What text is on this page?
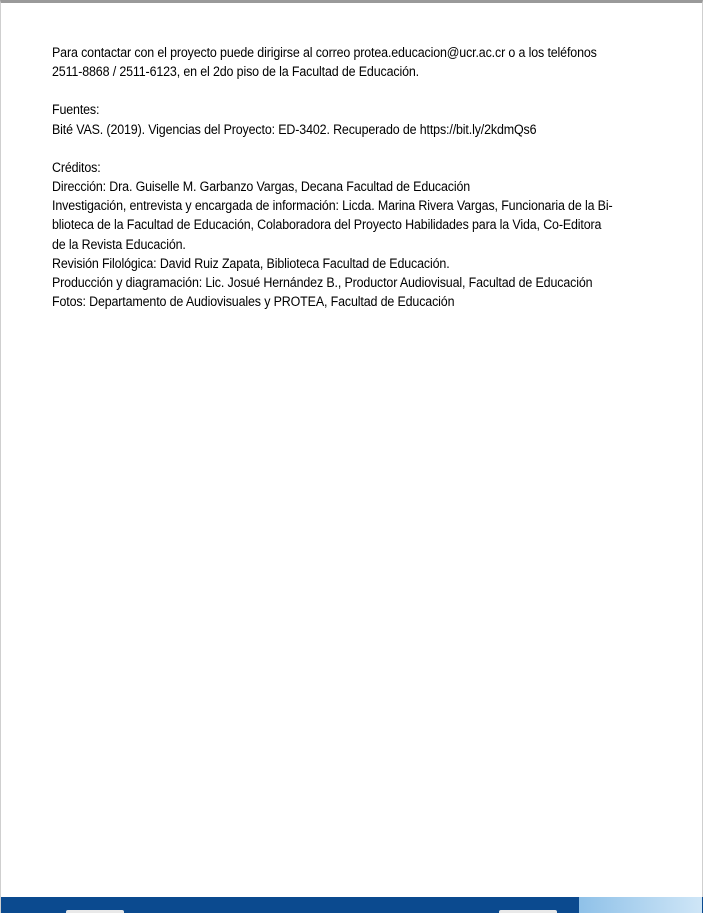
Para contactar con el proyecto puede dirigirse al correo protea.educacion@ucr.ac.cr o a los teléfonos
2511-8868 / 2511-6123, en el 2do piso de la Facultad de Educación.

Fuentes:
Bité VAS. (2019). Vigencias del Proyecto: ED-3402. Recuperado de https://bit.ly/2kdmQs6

Créditos:
Dirección: Dra. Guiselle M. Garbanzo Vargas, Decana Facultad de Educación
Investigación, entrevista y encargada de información: Licda. Marina Rivera Vargas, Funcionaria de la Bi-
blioteca de la Facultad de Educación, Colaboradora del Proyecto Habilidades para la Vida, Co-Editora
de la Revista Educación.
Revisión Filológica: David Ruiz Zapata, Biblioteca Facultad de Educación.
Producción y diagramación: Lic. Josué Hernández B., Productor Audiovisual, Facultad de Educación
Fotos: Departamento de Audiovisuales y PROTEA, Facultad de Educación
